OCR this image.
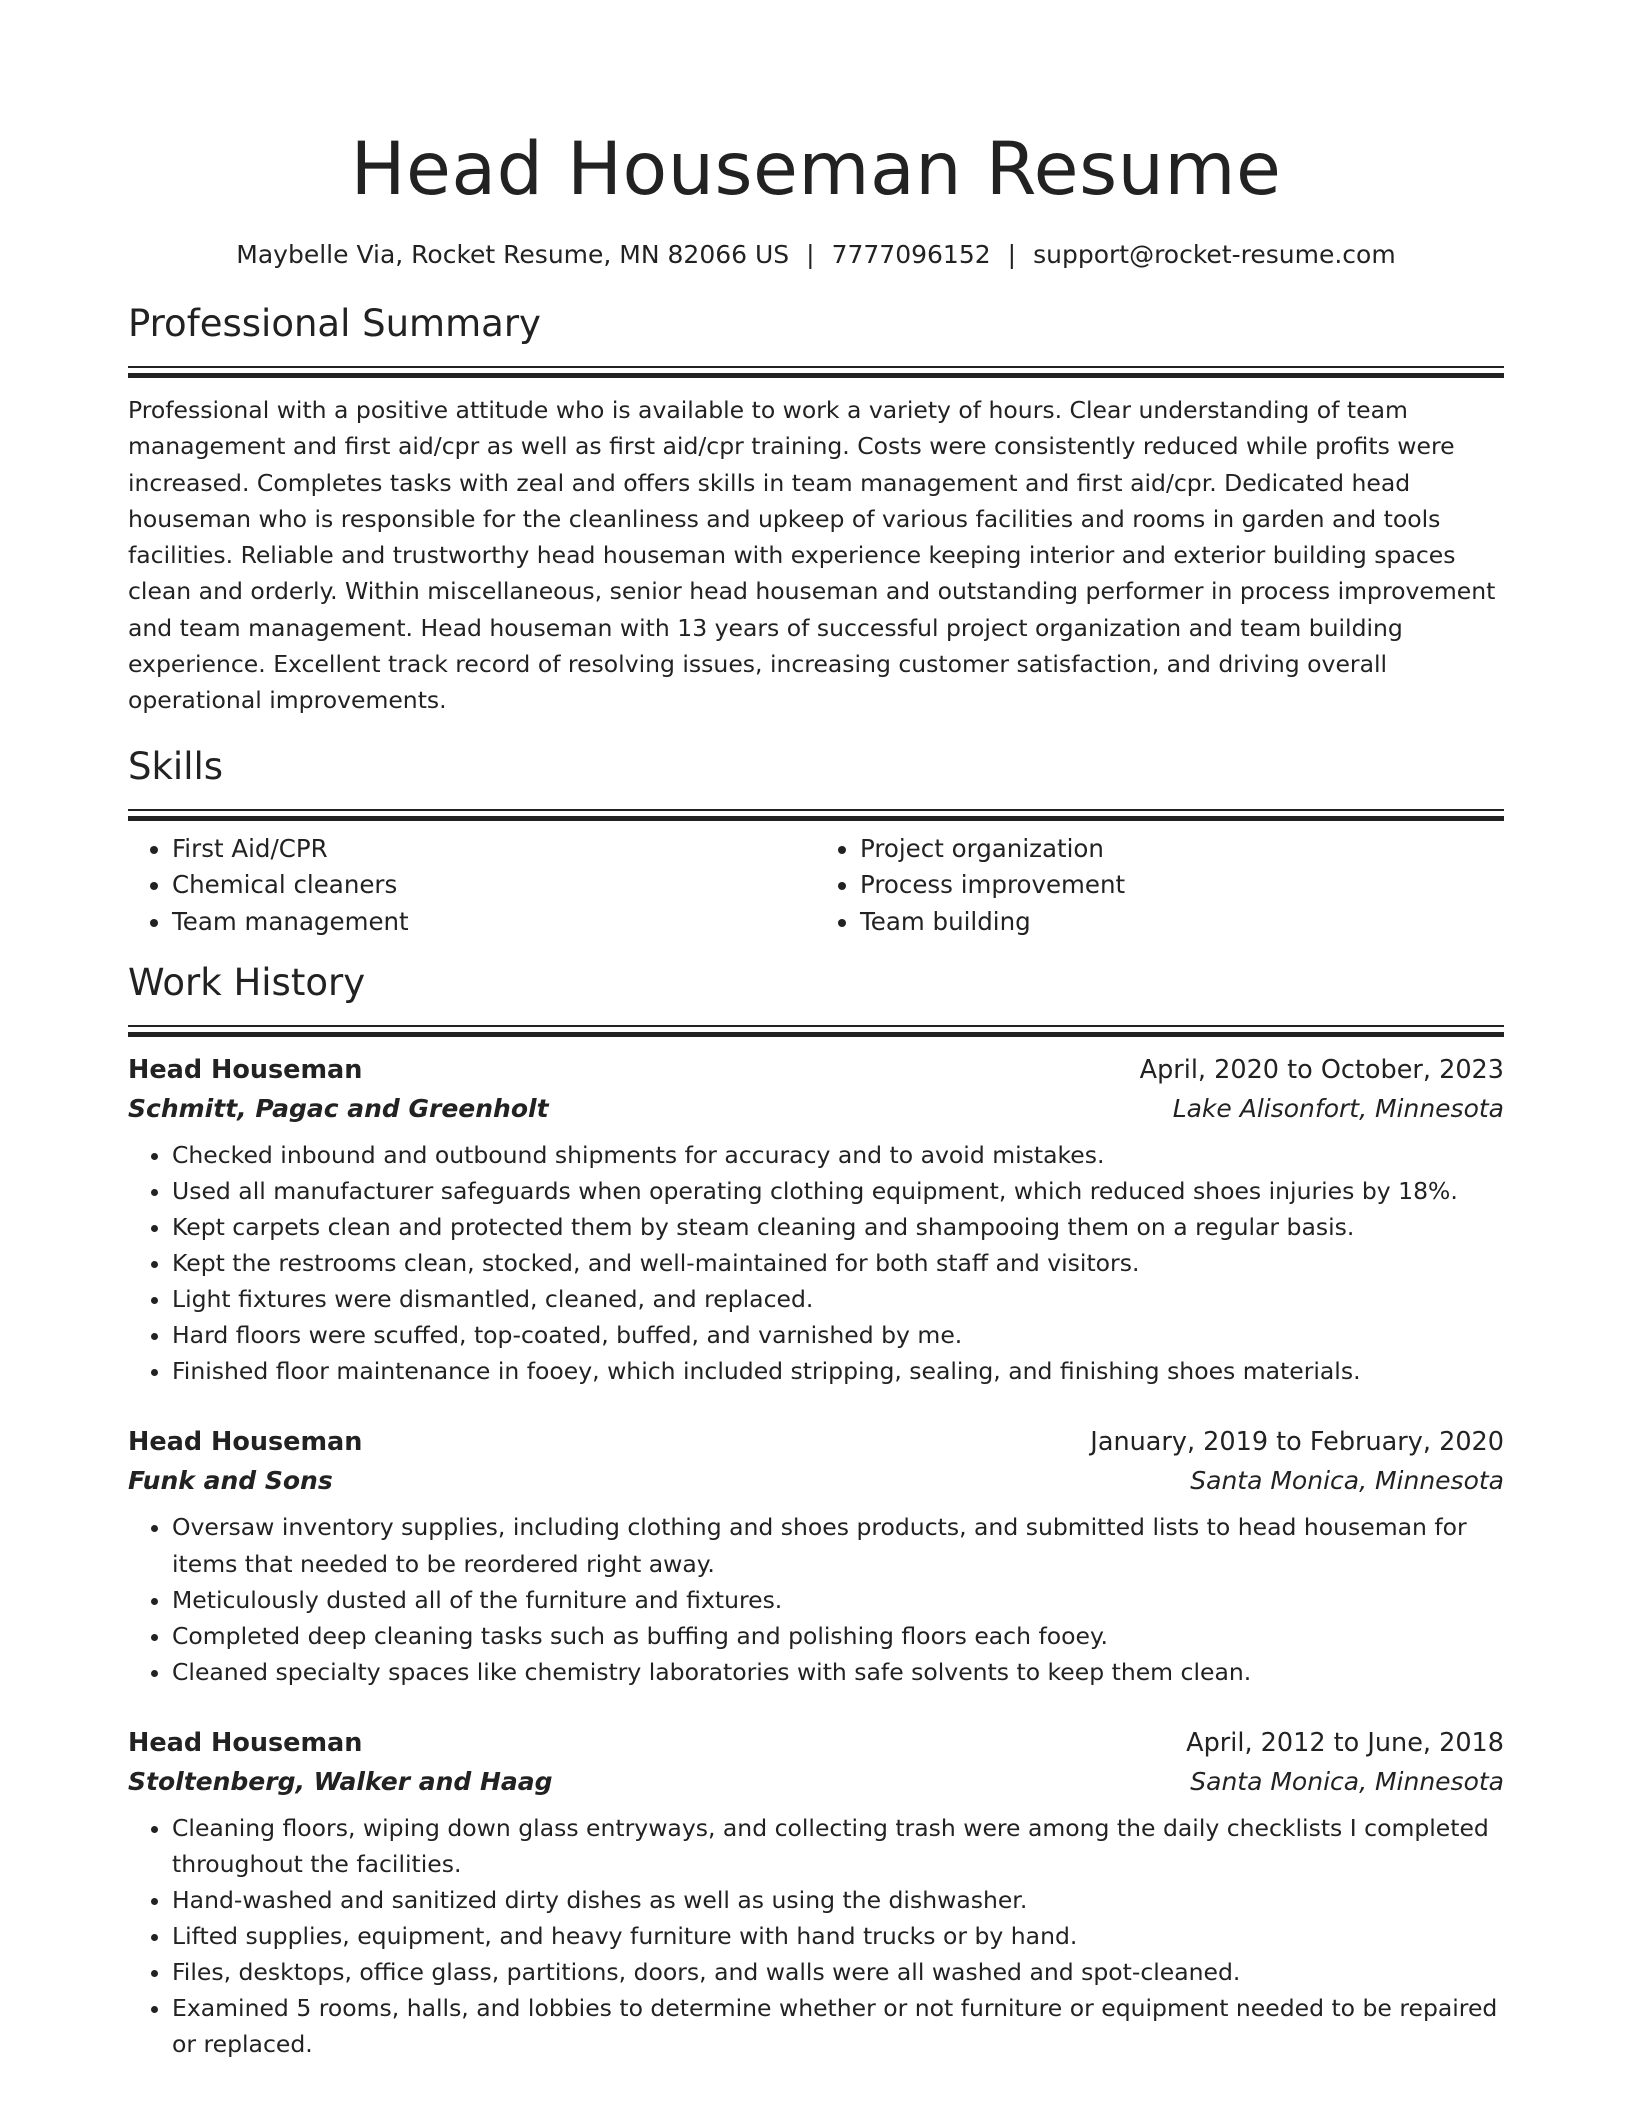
Head Houseman Resume
Maybelle Via, Rocket Resume, MN 82066 US | 7777096152 | support@rocket-resume.com
Professional Summary
Professional with a positive attitude who is available to work a variety of hours. Clear understanding of team management and first aid/cpr as well as first aid/cpr training. Costs were consistently reduced while profits were increased. Completes tasks with zeal and offers skills in team management and first aid/cpr. Dedicated head houseman who is responsible for the cleanliness and upkeep of various facilities and rooms in garden and tools facilities. Reliable and trustworthy head houseman with experience keeping interior and exterior building spaces clean and orderly. Within miscellaneous, senior head houseman and outstanding performer in process improvement and team management. Head houseman with 13 years of successful project organization and team building experience. Excellent track record of resolving issues, increasing customer satisfaction, and driving overall operational improvements.
Skills
• First Aid/CPR
• Chemical cleaners
• Team management
• Project organization
• Process improvement
• Team building
Work History
Head Houseman	April, 2020 to October, 2023
Schmitt, Pagac and Greenholt	Lake Alisonfort, Minnesota
• Checked inbound and outbound shipments for accuracy and to avoid mistakes.
• Used all manufacturer safeguards when operating clothing equipment, which reduced shoes injuries by 18%.
• Kept carpets clean and protected them by steam cleaning and shampooing them on a regular basis.
• Kept the restrooms clean, stocked, and well-maintained for both staff and visitors.
• Light fixtures were dismantled, cleaned, and replaced.
• Hard floors were scuffed, top-coated, buffed, and varnished by me.
• Finished floor maintenance in fooey, which included stripping, sealing, and finishing shoes materials.
Head Houseman	January, 2019 to February, 2020
Funk and Sons	Santa Monica, Minnesota
• Oversaw inventory supplies, including clothing and shoes products, and submitted lists to head houseman for items that needed to be reordered right away.
• Meticulously dusted all of the furniture and fixtures.
• Completed deep cleaning tasks such as buffing and polishing floors each fooey.
• Cleaned specialty spaces like chemistry laboratories with safe solvents to keep them clean.
Head Houseman	April, 2012 to June, 2018
Stoltenberg, Walker and Haag	Santa Monica, Minnesota
• Cleaning floors, wiping down glass entryways, and collecting trash were among the daily checklists I completed throughout the facilities.
• Hand-washed and sanitized dirty dishes as well as using the dishwasher.
• Lifted supplies, equipment, and heavy furniture with hand trucks or by hand.
• Files, desktops, office glass, partitions, doors, and walls were all washed and spot-cleaned.
• Examined 5 rooms, halls, and lobbies to determine whether or not furniture or equipment needed to be repaired or replaced.
